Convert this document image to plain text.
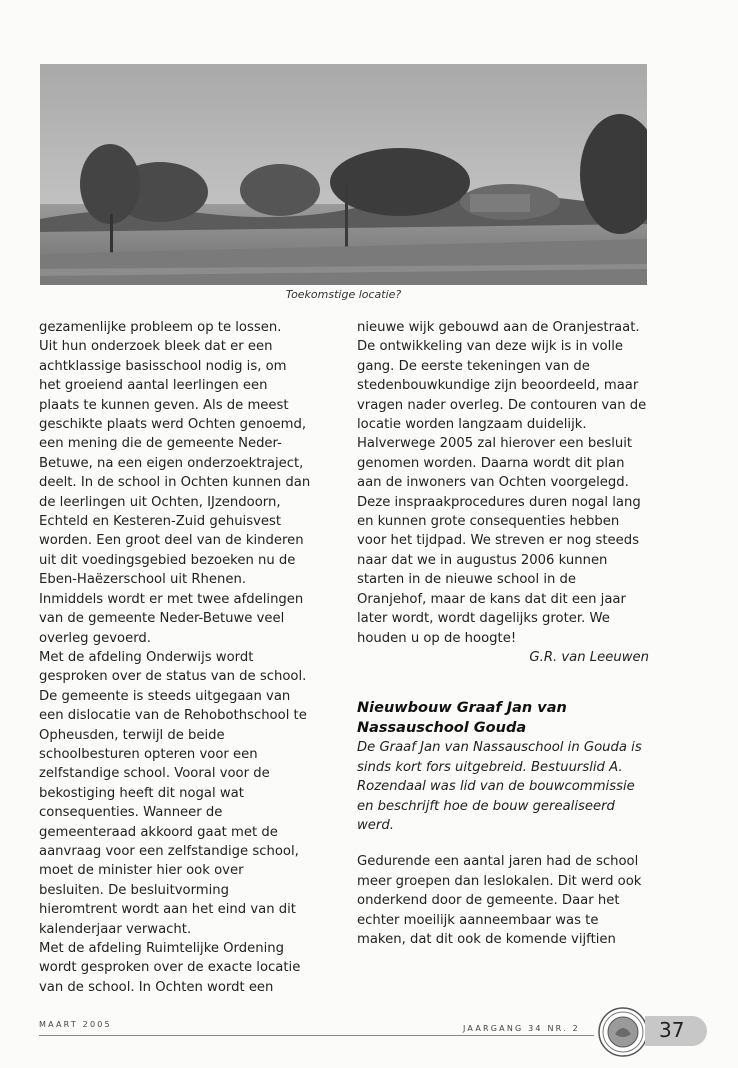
Toekomstige locatie?

gezamenlijke probleem op te lossen.

Uit hun onderzoek bleek dat er een achtklassige basisschool nodig is, om het groeiend aantal leerlingen een plaats te kunnen geven. Als de meest geschikte plaats werd Ochten genoemd, een mening die de gemeente Neder-Betuwe, na een eigen onderzoektraject, deelt. In de school in Ochten kunnen dan de leerlingen uit Ochten, IJzendoorn, Echteld en Kesteren-Zuid gehuisvest worden. Een groot deel van de kinderen uit dit voedingsgebied bezoeken nu de Eben-Haëzerschool uit Rhenen. Inmiddels wordt er met twee afdelingen van de gemeente Neder-Betuwe veel overleg gevoerd.

Met de afdeling Onderwijs wordt gesproken over de status van de school. De gemeente is steeds uitgegaan van een dislocatie van de Rehobothschool te Opheusden, terwijl de beide schoolbesturen opteren voor een zelfstandige school. Vooral voor de bekostiging heeft dit nogal wat consequenties. Wanneer de gemeenteraad akkoord gaat met de aanvraag voor een zelfstandige school, moet de minister hier ook over besluiten. De besluitvorming hieromtrent wordt aan het eind van dit kalenderjaar verwacht.

Met de afdeling Ruimtelijke Ordening wordt gesproken over de exacte locatie van de school. In Ochten wordt een

nieuwe wijk gebouwd aan de Oranjestraat. De ontwikkeling van deze wijk is in volle gang. De eerste tekeningen van de stedenbouwkundige zijn beoordeeld, maar vragen nader overleg. De contouren van de locatie worden langzaam duidelijk. Halverwege 2005 zal hierover een besluit genomen worden. Daarna wordt dit plan aan de inwoners van Ochten voorgelegd. Deze inspraakprocedures duren nogal lang en kunnen grote consequenties hebben voor het tijdpad. We streven er nog steeds naar dat we in augustus 2006 kunnen starten in de nieuwe school in de Oranjehof, maar de kans dat dit een jaar later wordt, wordt dagelijks groter. We houden u op de hoogte!

G.R. van Leeuwen

Nieuwbouw Graaf Jan van Nassauschool Gouda

De Graaf Jan van Nassauschool in Gouda is sinds kort fors uitgebreid. Bestuurslid A. Rozendaal was lid van de bouwcommissie en beschrijft hoe de bouw gerealiseerd werd.

Gedurende een aantal jaren had de school meer groepen dan leslokalen. Dit werd ook onderkend door de gemeente. Daar het echter moeilijk aanneembaar was te maken, dat dit ook de komende vijftien

MAART 2005	JAARGANG 34 NR. 2	37
